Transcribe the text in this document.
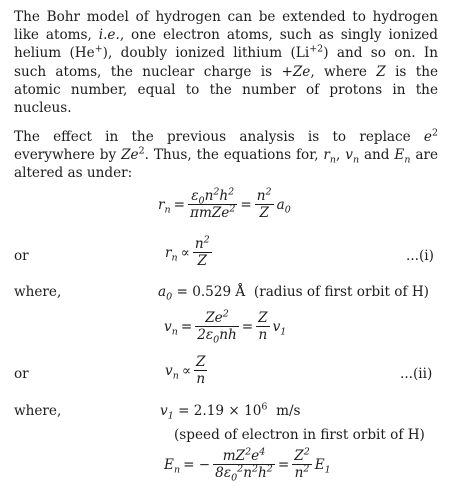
The Bohr model of hydrogen can be extended to hydrogen like atoms, i.e., one electron atoms, such as singly ionized helium (He+), doubly ionized lithium $(Li^{+2})$ and so on. In such atoms, the nuclear charge is +Ze, where Z is the atomic number, equal to the number of protons in the nucleus.
The effect in the previous analysis is to replace $e^2$ everywhere by Ze$^2$. Thus, the equations for, $r_n$, $v_n$ and $E_n$ are altered as under:
$r_n = \frac{\varepsilon_0n^2h^2}{\pi mZe^2} = \frac{n^2}{Z} a_0$
or	$r_n \propto \frac{n^2}{Z}$	...(i)
where,	$a_0 = 0.529$ Å (radius of first orbit of H)
$v_n = \frac{Ze^2}{2\varepsilon_0nh} = \frac{Z}{n} v_1$
or	$v_n \propto \frac{Z}{n}$	...(ii)
where,	$v_1 = 2.19 \times 10^6$ m/s
(speed of electron in first orbit of H)
$E_n$ = − $\frac{mZ^2e^4}{8\varepsilon_0^2n^2h^2} = \frac{Z^2}{n^2} E_1$
